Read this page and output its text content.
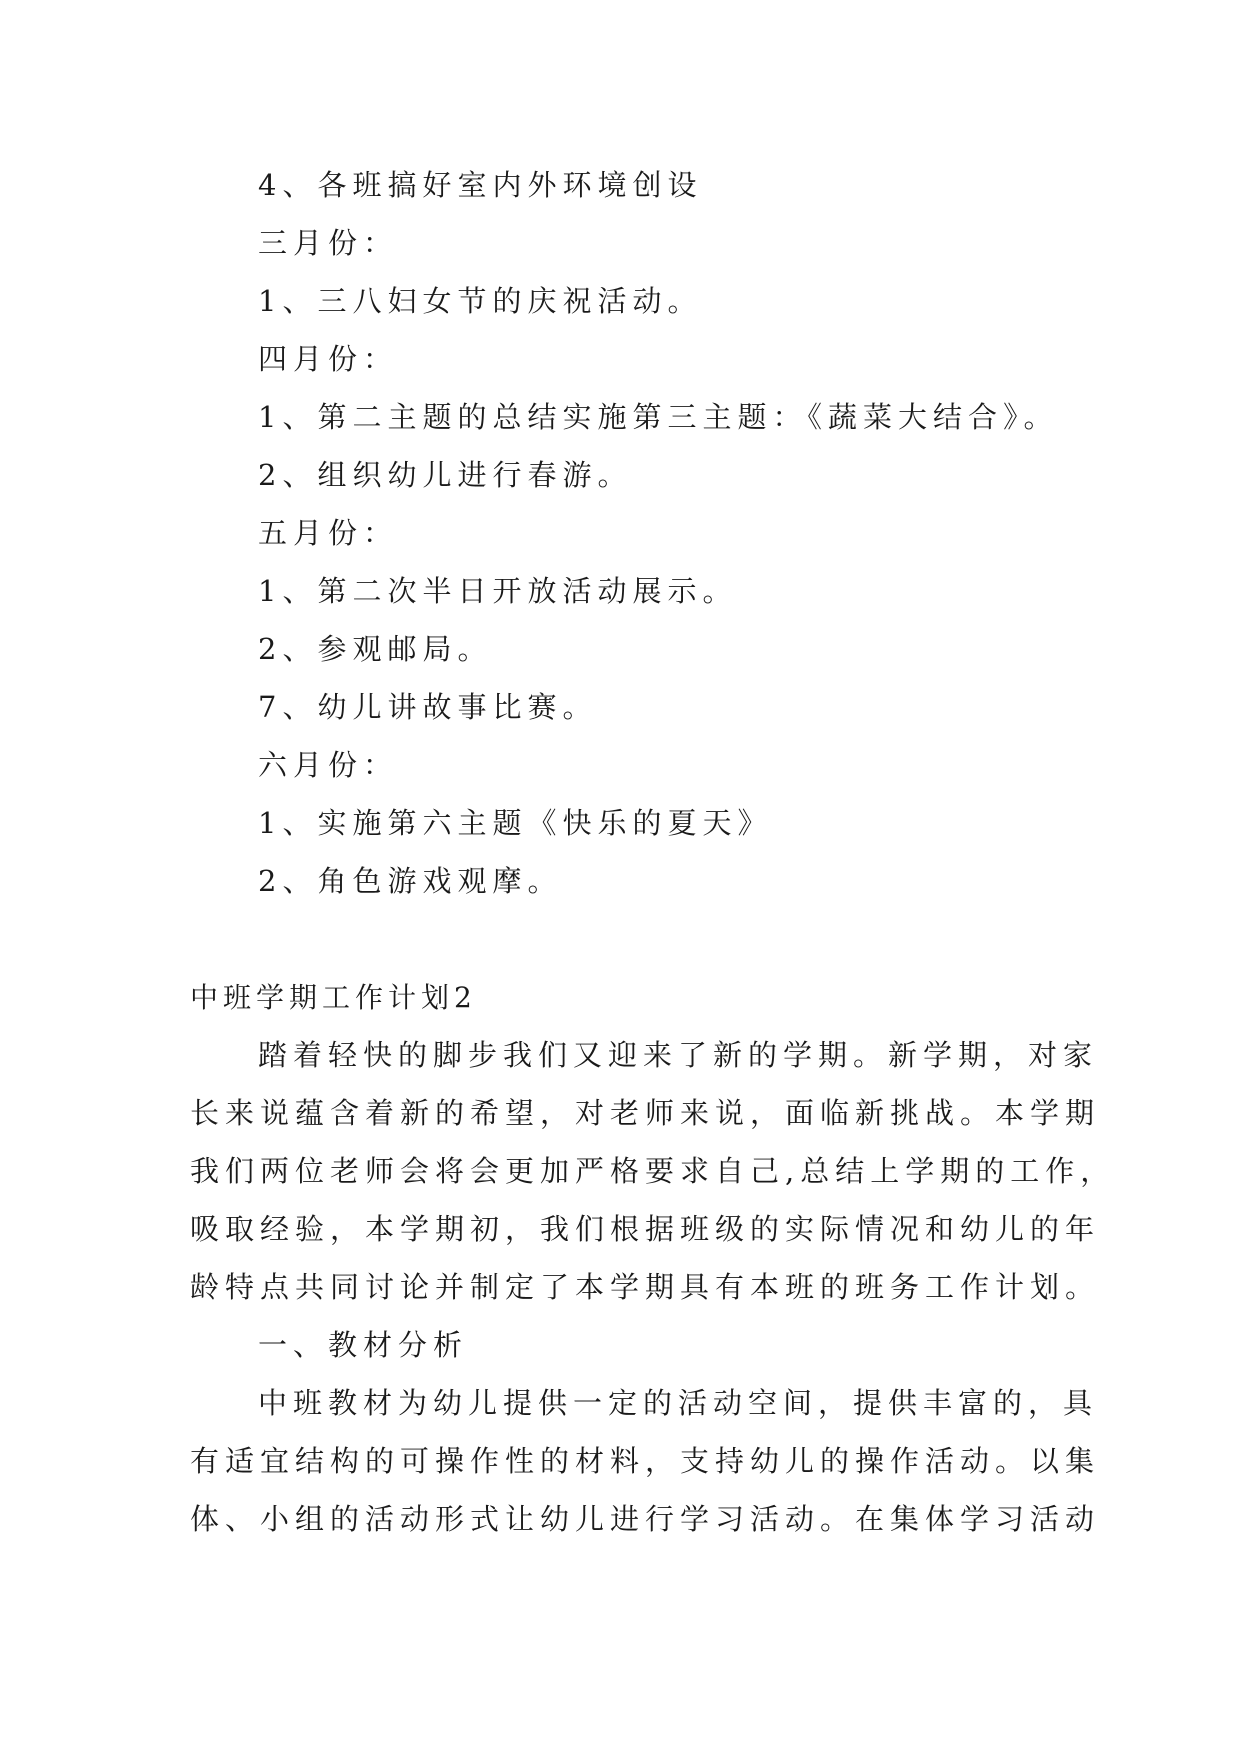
4、各班搞好室内外环境创设
三月份：
1、三八妇女节的庆祝活动。
四月份：
1、第二主题的总结实施第三主题：《蔬菜大结合》。
2、组织幼儿进行春游。
五月份：
1、第二次半日开放活动展示。
2、参观邮局。
7、幼儿讲故事比赛。
六月份：
1、实施第六主题《快乐的夏天》
2、角色游戏观摩。
中班学期工作计划2
踏着轻快的脚步我们又迎来了新的学期。新学期，对家
长来说蕴含着新的希望，对老师来说，面临新挑战。本学期
我们两位老师会将会更加严格要求自己,总结上学期的工作，
吸取经验，本学期初，我们根据班级的实际情况和幼儿的年
龄特点共同讨论并制定了本学期具有本班的班务工作计划。
一、教材分析
中班教材为幼儿提供一定的活动空间，提供丰富的，具
有适宜结构的可操作性的材料，支持幼儿的操作活动。以集
体、小组的活动形式让幼儿进行学习活动。在集体学习活动
